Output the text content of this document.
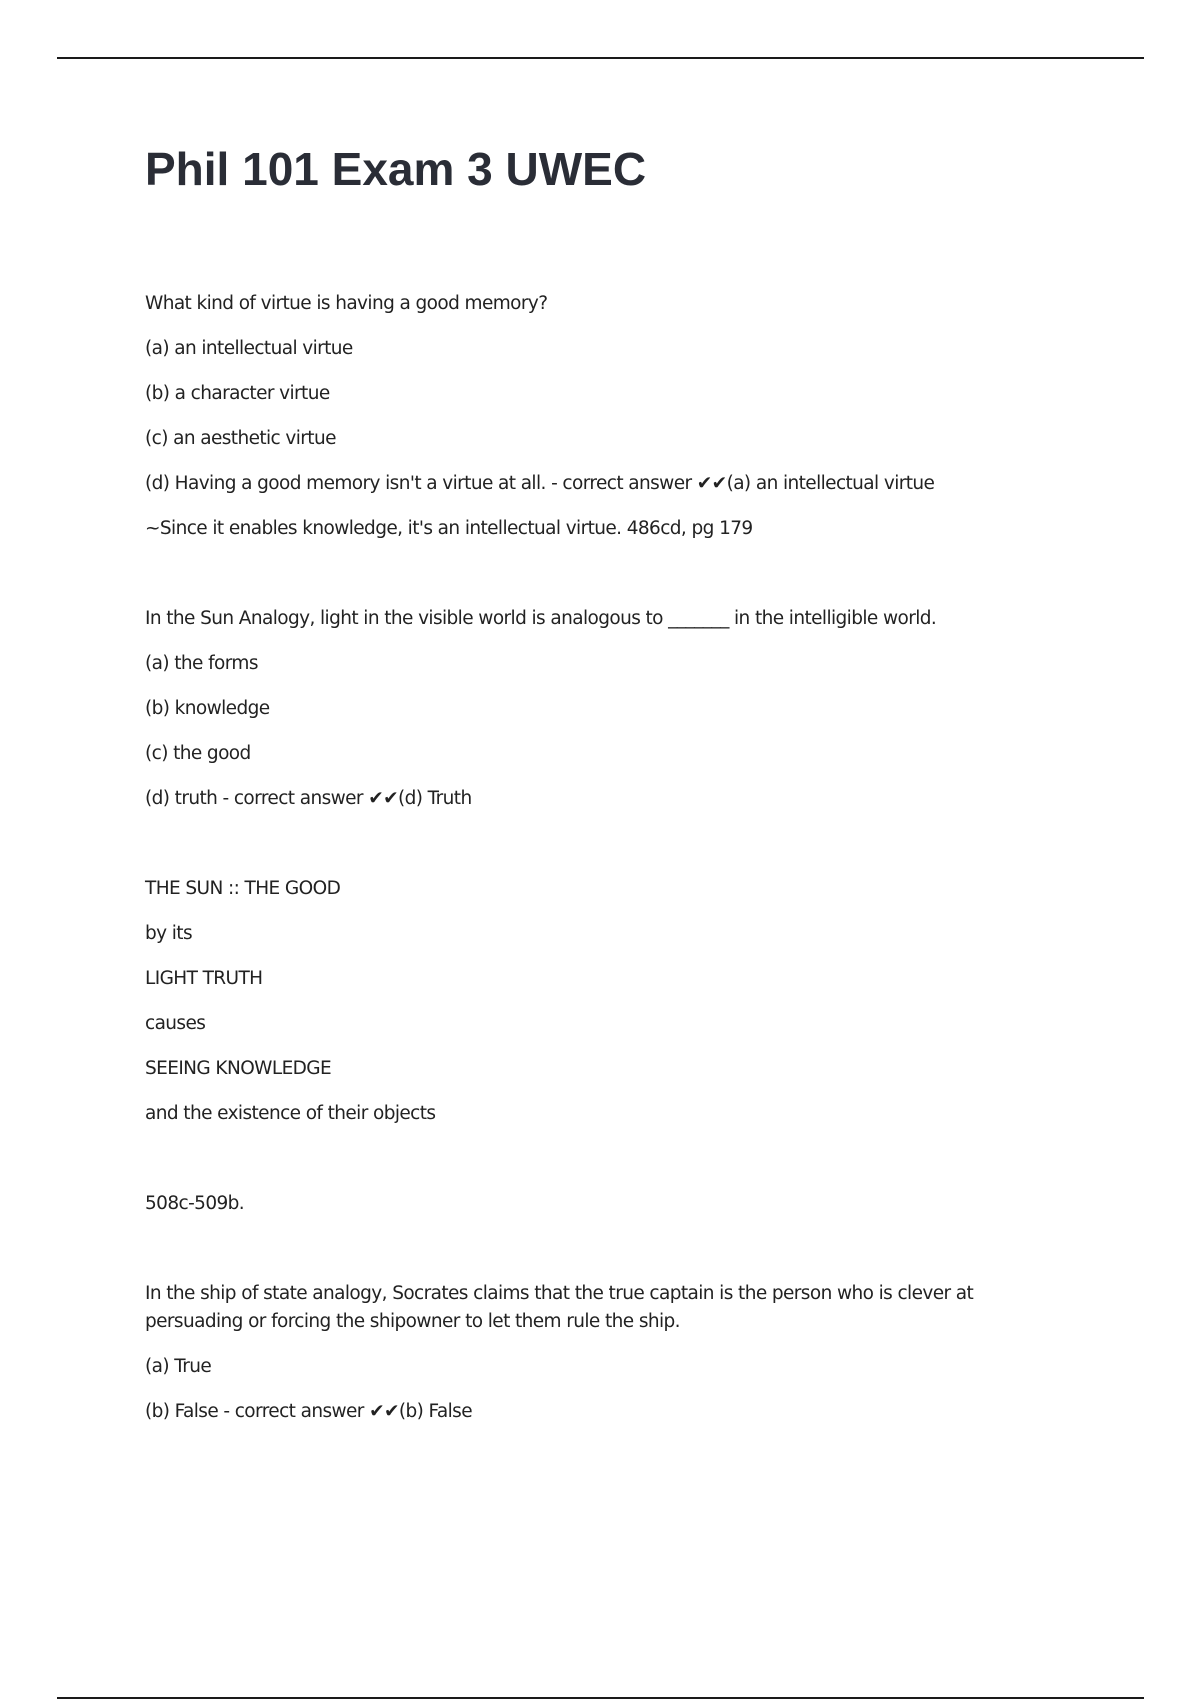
Phil 101 Exam 3 UWEC

What kind of virtue is having a good memory?

(a) an intellectual virtue

(b) a character virtue

(c) an aesthetic virtue

(d) Having a good memory isn't a virtue at all. - correct answer ✔✔(a) an intellectual virtue

~Since it enables knowledge, it's an intellectual virtue. 486cd, pg 179

In the Sun Analogy, light in the visible world is analogous to _______ in the intelligible world.

(a) the forms

(b) knowledge

(c) the good

(d) truth - correct answer ✔✔(d) Truth

THE SUN :: THE GOOD

by its

LIGHT TRUTH

causes

SEEING KNOWLEDGE

and the existence of their objects

508c-509b.

In the ship of state analogy, Socrates claims that the true captain is the person who is clever at persuading or forcing the shipowner to let them rule the ship.

(a) True

(b) False - correct answer ✔✔(b) False
